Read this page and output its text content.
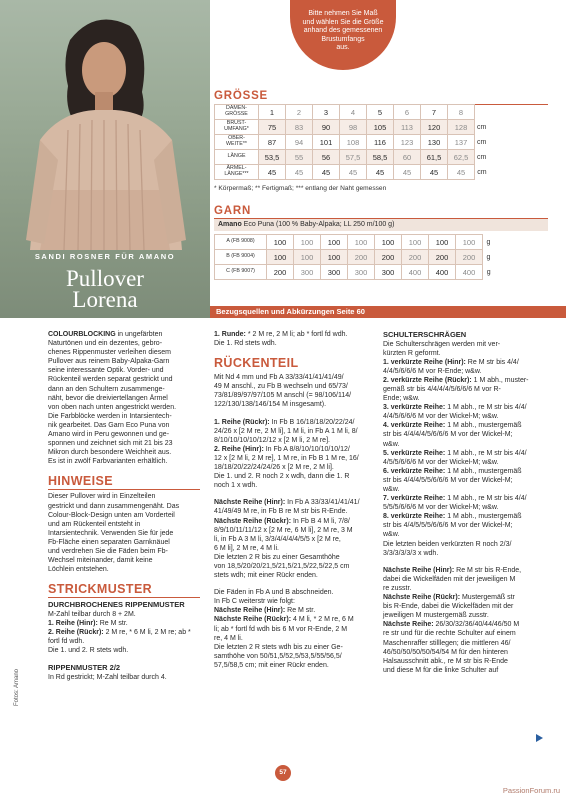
SANDI ROSNER FÜR AMANO
Pullover
Lorena
Bitte nehmen Sie Maß
und wählen Sie die Größe
anhand des gemessenen
Brustumfangs
aus.
GRÖSSE
DAMEN-
GRÖSSE	1	2	3	4	5	6	7	8	
BRUST-
UMFANG*	75	83	90	98	105	113	120	128	cm
OBER-
WEITE**	87	94	101	108	116	123	130	137	cm
LÄNGE	53,5	55	56	57,5	58,5	60	61,5	62,5	cm
ÄRMEL-
LÄNGE***	45	45	45	45	45	45	45	45	cm
* Körpermaß; ** Fertigmaß; *** entlang der Naht gemessen
GARN
Amano Eco Puna (100 % Baby-Alpaka; LL 250 m/100 g)
A (FB 9008)	100	100	100	100	100	100	100	100	g
B (FB 9004)	100	100	100	200	200	200	200	200	g
C (FB 9007)	200	300	300	300	300	400	400	400	g
Bezugsquellen und Abkürzungen Seite 60

COLOURBLOCKING in ungefärbten
Naturtönen und ein dezentes, gebro-
chenes Rippenmuster verleihen diesem
Pullover aus reinem Baby-Alpaka-Garn
seine interessante Optik. Vorder- und
Rückenteil werden separat gestrickt und
dann an den Schultern zusammenge-
näht, bevor die dreiviertellangen Ärmel
von oben nach unten angestrickt werden.
Die Farbblöcke werden in Intarsientech-
nik gearbeitet. Das Garn Eco Puna von
Amano wird in Peru gewonnen und ge-
sponnen und zeichnet sich mit 21 bis 23
Mikron durch besondere Weichheit aus.
Es ist in zwölf Farbvarianten erhältlich.

HINWEISE

Dieser Pullover wird in Einzelteilen
gestrickt und dann zusammengenäht. Das
Colour-Block-Design unten am Vorderteil
und am Rückenteil entsteht in
Intarsientechnik. Verwenden Sie für jede
Fb-Fläche einen separaten Garnknäuel
und verdrehen Sie die Fäden beim Fb-
Wechsel miteinander, damit keine
Löchlein entstehen.

STRICKMUSTER
DURCHBROCHENES RIPPENMUSTER

M-Zahl teilbar durch 8 + 2M.

1. Reihe (Hinr): Re M str.

2. Reihe (Rückr): 2 M re, * 6 M li, 2 M re; ab *

fortl fd wdh.

Die 1. und 2. R stets wdh.

RIPPENMUSTER 2/2

In Rd gestrickt; M-Zahl teilbar durch 4.

1. Runde: * 2 M re, 2 M li; ab * fortl fd wdh.

Die 1. Rd stets wdh.

RÜCKENTEIL
Mit Nd 4 mm und Fb A 33/33/41/41/41/49/
49 M anschl., zu Fb B wechseln und 65/73/
73/81/89/97/97/105 M anschl (= 98/106/114/
122/130/138/146/154 M insgesamt).

1. Reihe (Rückr): In Fb B 16/18/18/20/22/24/
24/26 x [2 M re, 2 M li], 1 M li, in Fb A 1 M li, 8/
8/10/10/10/10/12/12 x [2 M li, 2 M re].

2. Reihe (Hinr): In Fb A 8/8/10/10/10/10/12/
12 x [2 M li, 2 M re], 1 M re, in Fb B 1 M re, 16/
18/18/20/22/24/24/26 x [2 M re, 2 M li].

Die 1. und 2. R noch 2 x wdh, dann die 1. R
noch 1 x wdh.

Nächste Reihe (Hinr): In Fb A 33/33/41/41/41/
41/49/49 M re, in Fb B re M str bis R-Ende.

Nächste Reihe (Rückr): In Fb B 4 M li, 7/8/
8/9/10/11/11/12 x [2 M re, 6 M li], 2 M re, 3 M
li, in Fb A 3 M li, 3/3/4/4/4/4/5/5 x [2 M re,
6 M li], 2 M re, 4 M li.

Die letzten 2 R bis zu einer Gesamthöhe
von 18,5/20/20/21,5/21,5/21,5/22,5/22,5 cm
stets wdh; mit einer Rückr enden.
Die Fäden in Fb A und B abschneiden.
In Fb C weiterstr wie folgt:

Nächste Reihe (Hinr): Re M str.

Nächste Reihe (Rückr): 4 M li, * 2 M re, 6 M
li; ab * fortl fd wdh bis 6 M vor R-Ende, 2 M
re, 4 M li.

Die letzten 2 R stets wdh bis zu einer Ge-
samthöhe von 50/51,5/52,5/53,5/55/56,5/
57,5/58,5 cm; mit einer Rückr enden.
SCHULTERSCHRÄGEN
Die Schulterschrägen werden mit ver-
kürzten R geformt.

1. verkürzte Reihe (Hinr): Re M str bis 4/4/
4/4/5/6/6/6 M vor R-Ende; w&w.

2. verkürzte Reihe (Rückr): 1 M abh., muster-
gemäß str bis 4/4/4/4/5/6/6/6 M vor R-
Ende; w&w.

3. verkürzte Reihe: 1 M abh., re M str bis 4/4/
4/4/5/6/6/6 M vor der Wickel-M; w&w.

4. verkürzte Reihe: 1 M abh., mustergemäß
str bis 4/4/4/4/5/6/6/6 M vor der Wickel-M;
w&w.

5. verkürzte Reihe: 1 M abh., re M str bis 4/4/
4/5/5/6/6/6 M vor der Wickel-M; w&w.

6. verkürzte Reihe: 1 M abh., mustergemäß
str bis 4/4/4/5/5/6/6/6 M vor der Wickel-M;
w&w.

7. verkürzte Reihe: 1 M abh., re M str bis 4/4/
5/5/5/6/6/6 M vor der Wickel-M; w&w.

8. verkürzte Reihe: 1 M abh., mustergemäß
str bis 4/4/5/5/5/6/6/6 M vor der Wickel-M;
w&w.

Die letzten beiden verkürzten R noch 2/3/
3/3/3/3/3/3 x wdh.

Nächste Reihe (Hinr): Re M str bis R-Ende,
dabei die Wickelfäden mit der jeweiligen M
re zusstr.

Nächste Reihe (Rückr): Mustergemäß str
bis R-Ende, dabei die Wickelfäden mit der
jeweiligen M mustergemäß zusstr.

Nächste Reihe: 26/30/32/36/40/44/46/50 M
re str und für die rechte Schulter auf einem
Maschenraffer stilllegen; die mittleren 46/
46/50/50/50/50/54/54 M für den hinteren
Halsausschnitt abk., re M str bis R-Ende
und diese M für die linke Schulter auf

Fotos: Amano
57
PassionForum.ru
